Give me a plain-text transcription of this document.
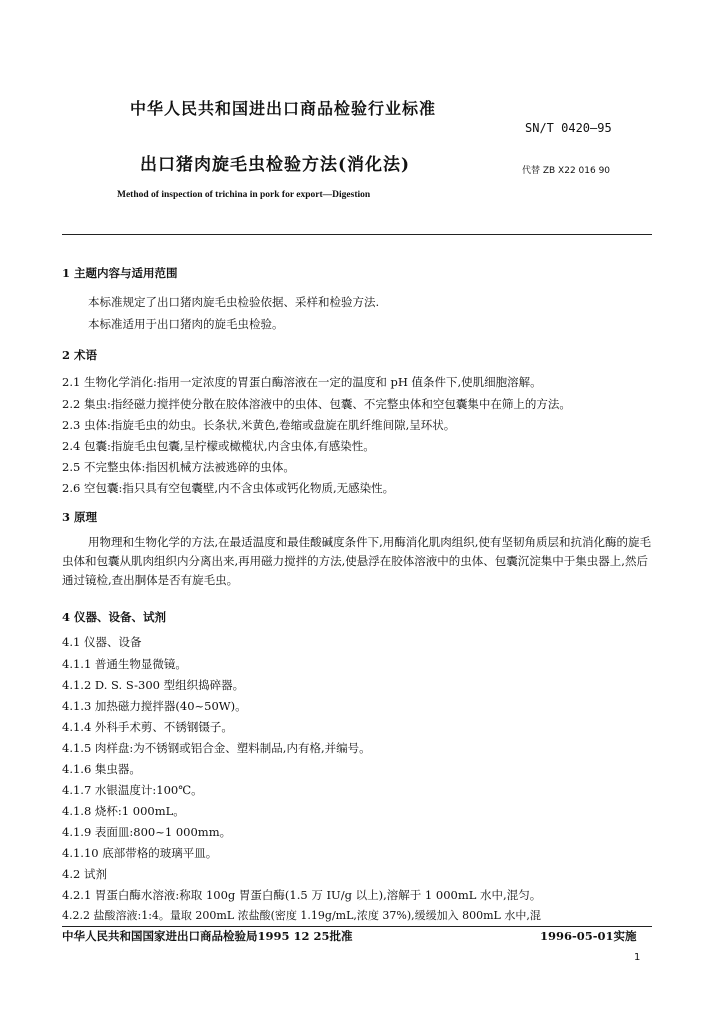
中华人民共和国进出口商品检验行业标准
SN/T 0420—95
出口猪肉旋毛虫检验方法(消化法)	代替 ZB X22 016 90
Method of inspection of trichina in pork for export—Digestion
1 主题内容与适用范围
本标准规定了出口猪肉旋毛虫检验依据、采样和检验方法.
本标准适用于出口猪肉的旋毛虫检验。
2 术语
2.1 生物化学消化:指用一定浓度的胃蛋白酶溶液在一定的温度和 pH 值条件下,使肌细胞溶解。
2.2 集虫:指经磁力搅拌使分散在胶体溶液中的虫体、包囊、不完整虫体和空包囊集中在筛上的方法。
2.3 虫体:指旋毛虫的幼虫。长条状,米黄色,卷缩或盘旋在肌纤维间隙,呈环状。
2.4 包囊:指旋毛虫包囊,呈柠檬或橄榄状,内含虫体,有感染性。
2.5 不完整虫体:指因机械方法被逃碎的虫体。
2.6 空包囊:指只具有空包囊壁,内不含虫体或钙化物质,无感染性。
3 原理
用物理和生物化学的方法,在最适温度和最佳酸碱度条件下,用酶消化肌肉组织,使有坚韧角质层和抗消化酶的旋毛虫体和包囊从肌肉组织内分离出来,再用磁力搅拌的方法,使悬浮在胶体溶液中的虫体、包囊沉淀集中于集虫器上,然后通过镜检,查出胴体是否有旋毛虫。
4 仪器、设备、试剂
4.1 仪器、设备
4.1.1 普通生物显微镜。
4.1.2 D. S. S-300 型组织捣碎器。
4.1.3 加热磁力搅拌器(40~50W)。
4.1.4 外科手术剪、不锈钢镊子。
4.1.5 肉样盘:为不锈钢或铝合金、塑料制品,内有格,并编号。
4.1.6 集虫器。
4.1.7 水银温度计:100℃。
4.1.8 烧杯:1 000mL。
4.1.9 表面皿:800~1 000mm。
4.1.10 底部带格的玻璃平皿。
4.2 试剂
4.2.1 胃蛋白酶水溶液:称取 100g 胃蛋白酶(1.5 万 IU/g 以上),溶解于 1 000mL 水中,混匀。
4.2.2 盐酸溶液:1:4。量取 200mL 浓盐酸(密度 1.19g/mL,浓度 37%),缓缓加入 800mL 水中,混
中华人民共和国国家进出口商品检验局1995 12 25批准	1996-05-01实施
1
